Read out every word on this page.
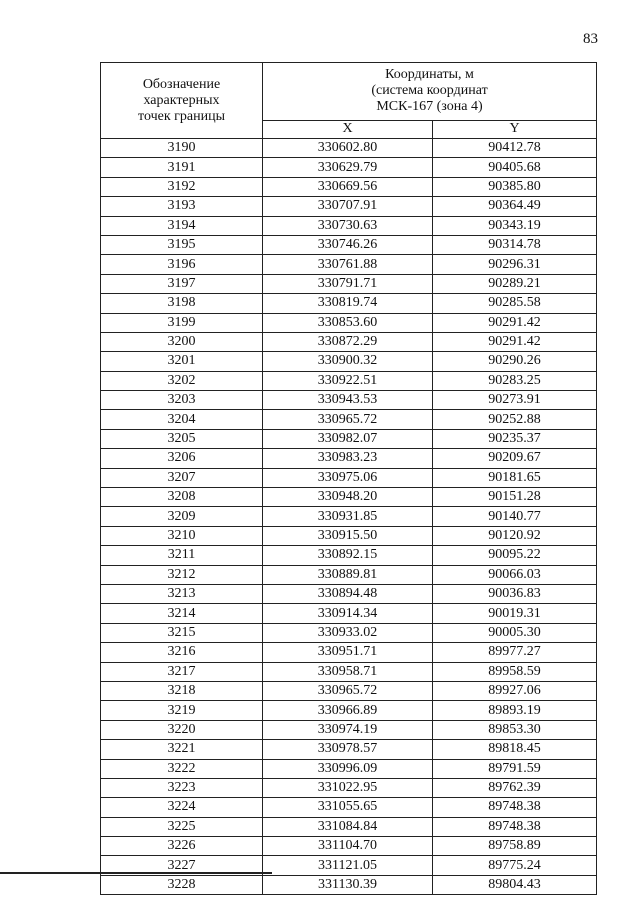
83
Обозначение
характерных
точек границы	Координаты, м
(система координат
МСК-167 (зона 4)	
	X	Y
3190	330602.80	90412.78
3191	330629.79	90405.68
3192	330669.56	90385.80
3193	330707.91	90364.49
3194	330730.63	90343.19
3195	330746.26	90314.78
3196	330761.88	90296.31
3197	330791.71	90289.21
3198	330819.74	90285.58
3199	330853.60	90291.42
3200	330872.29	90291.42
3201	330900.32	90290.26
3202	330922.51	90283.25
3203	330943.53	90273.91
3204	330965.72	90252.88
3205	330982.07	90235.37
3206	330983.23	90209.67
3207	330975.06	90181.65
3208	330948.20	90151.28
3209	330931.85	90140.77
3210	330915.50	90120.92
3211	330892.15	90095.22
3212	330889.81	90066.03
3213	330894.48	90036.83
3214	330914.34	90019.31
3215	330933.02	90005.30
3216	330951.71	89977.27
3217	330958.71	89958.59
3218	330965.72	89927.06
3219	330966.89	89893.19
3220	330974.19	89853.30
3221	330978.57	89818.45
3222	330996.09	89791.59
3223	331022.95	89762.39
3224	331055.65	89748.38
3225	331084.84	89748.38
3226	331104.70	89758.89
3227	331121.05	89775.24
3228	331130.39	89804.43
